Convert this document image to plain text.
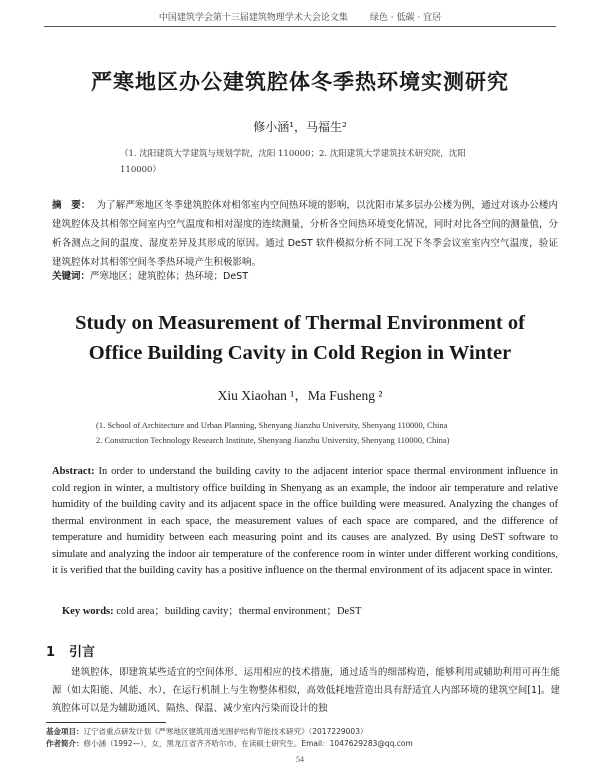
中国建筑学会第十三届建筑物理学术大会论文集 绿色 · 低碳 · 宜居
严寒地区办公建筑腔体冬季热环境实测研究
修小涵¹，马福生²
（1. 沈阳建筑大学建筑与规划学院，沈阳 110000；2. 沈阳建筑大学建筑技术研究院，沈阳 110000）
摘　要： 为了解严寒地区冬季建筑腔体对相邻室内空间热环境的影响，以沈阳市某多层办公楼为例，通过对该办公楼内建筑腔体及其相邻空间室内空气温度和相对湿度的连续测量，分析各空间热环境变化情况，同时对比各空间的测量值，分析各测点之间的温度、湿度差异及其形成的原因。通过 DeST 软件模拟分析不同工况下冬季会议室室内空气温度，验证建筑腔体对其相邻空间冬季热环境产生积极影响。
关键词：严寒地区；建筑腔体；热环境；DeST
Study on Measurement of Thermal Environment of
Office Building Cavity in Cold Region in Winter
Xiu Xiaohan ¹，Ma Fusheng ²
(1. School of Architecture and Urban Planning, Shenyang Jianzhu University, Shenyang 110000, China
2. Construction Technology Research Institute, Shenyang Jianzhu University, Shenyang 110000, China)
Abstract: In order to understand the building cavity to the adjacent interior space thermal environment influence in cold region in winter, a multistory office building in Shenyang as an example, the indoor air temperature and relative humidity of the building cavity and its adjacent space in the office building were measured. Analyzing the changes of thermal environment in each space, the measurement values of each space are compared, and the difference of temperature and humidity between each measuring point and its causes are analyzed. By using DeST software to simulate and analyzing the indoor air temperature of the conference room in winter under different working conditions, it is verified that the building cavity has a positive influence on the thermal environment of its adjacent space in winter.
Key words: cold area；building cavity；thermal environment；DeST
1 引言
建筑腔体，即建筑某些适宜的空间体形、运用相应的技术措施，通过适当的细部构造，能够利用或辅助利用可再生能源（如太阳能、风能、水），在运行机制上与生物整体相似，高效低耗地营造出具有舒适宜人内部环境的建筑空间[1]。建筑腔体可以是为辅助通风、隔热、保温、减少室内污染而设计的独
基金项目：辽宁省重点研发计划《严寒地区建筑用透光围护结构节能技术研究》（2017229003）
作者简介：修小涵（1992—），女，黑龙江省齐齐哈尔市，在读硕士研究生。Email：1047629283@qq.com
54
